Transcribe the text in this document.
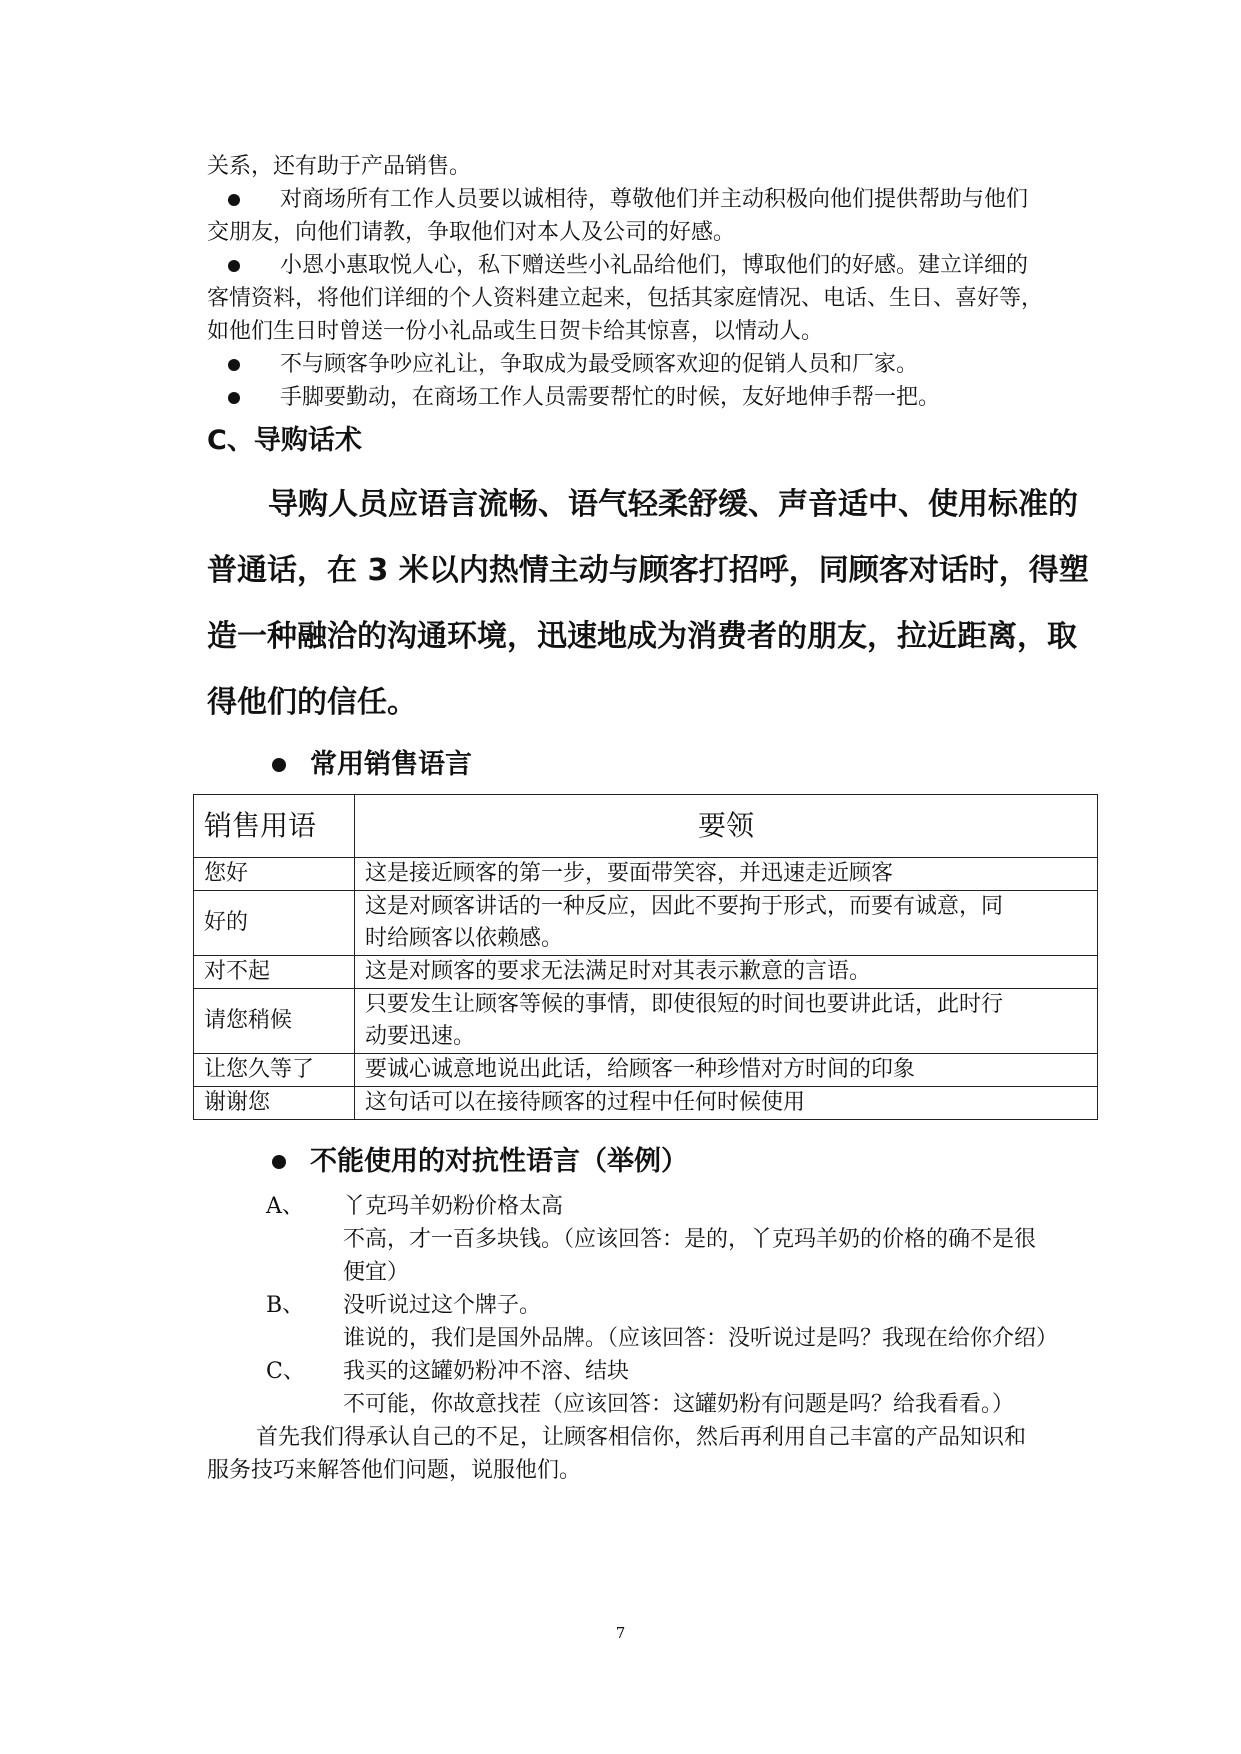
关系，还有助于产品销售。
对商场所有工作人员要以诚相待，尊敬他们并主动积极向他们提供帮助与他们
交朋友，向他们请教，争取他们对本人及公司的好感。
小恩小惠取悦人心，私下赠送些小礼品给他们，博取他们的好感。建立详细的
客情资料，将他们详细的个人资料建立起来，包括其家庭情况、电话、生日、喜好等，
如他们生日时曾送一份小礼品或生日贺卡给其惊喜，以情动人。
不与顾客争吵应礼让，争取成为最受顾客欢迎的促销人员和厂家。
手脚要勤动，在商场工作人员需要帮忙的时候，友好地伸手帮一把。
C、导购话术
导购人员应语言流畅、语气轻柔舒缓、声音适中、使用标准的
普通话，在 3 米以内热情主动与顾客打招呼，同顾客对话时，得塑
造一种融洽的沟通环境，迅速地成为消费者的朋友，拉近距离，取
得他们的信任。
常用销售语言
销售用语	要领
您好	这是接近顾客的第一步，要面带笑容，并迅速走近顾客

好的	这是对顾客讲话的一种反应，因此不要拘于形式，而要有诚意，同
时给顾客以依赖感。

对不起	这是对顾客的要求无法满足时对其表示歉意的言语。

请您稍候	只要发生让顾客等候的事情，即使很短的时间也要讲此话，此时行
动要迅速。

让您久等了	要诚心诚意地说出此话，给顾客一种珍惜对方时间的印象

谢谢您	这句话可以在接待顾客的过程中任何时候使用
不能使用的对抗性语言（举例）
A、 丫克玛羊奶粉价格太高
不高，才一百多块钱。（应该回答：是的，丫克玛羊奶的价格的确不是很
便宜）
B、 没听说过这个牌子。
谁说的，我们是国外品牌。（应该回答：没听说过是吗？我现在给你介绍）
C、 我买的这罐奶粉冲不溶、结块
不可能，你故意找茬（应该回答：这罐奶粉有问题是吗？给我看看。）
首先我们得承认自己的不足，让顾客相信你，然后再利用自己丰富的产品知识和
服务技巧来解答他们问题，说服他们。
7
